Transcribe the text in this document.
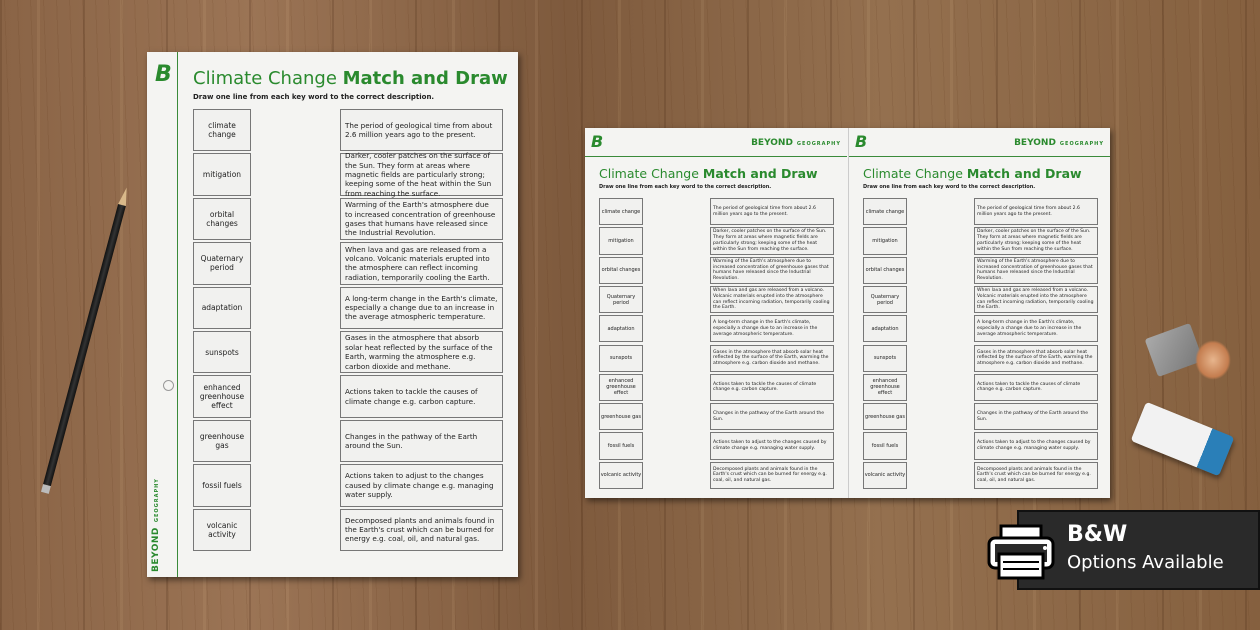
B
BEYONDGEOGRAPHY
Climate Change Match and Draw
Draw one line from each key word to the correct description.
climate change
The period of geological time from about 2.6 million years ago to the present.
mitigation
Darker, cooler patches on the surface of the Sun. They form at areas where magnetic fields are particularly strong; keeping some of the heat within the Sun from reaching the surface.
orbital changes
Warming of the Earth's atmosphere due to increased concentration of greenhouse gases that humans have released since the Industrial Revolution.
Quaternary period
When lava and gas are released from a volcano. Volcanic materials erupted into the atmosphere can reflect incoming radiation, temporarily cooling the Earth.
adaptation
A long-term change in the Earth's climate, especially a change due to an increase in the average atmospheric temperature.
sunspots
Gases in the atmosphere that absorb solar heat reflected by the surface of the Earth, warming the atmosphere e.g. carbon dioxide and methane.
enhanced greenhouse effect
Actions taken to tackle the causes of climate change e.g. carbon capture.
greenhouse gas
Changes in the pathway of the Earth around the Sun.
fossil fuels
Actions taken to adjust to the changes caused by climate change e.g. managing water supply.
volcanic activity
Decomposed plants and animals found in the Earth's crust which can be burned for energy e.g. coal, oil, and natural gas.
B	BEYOND GEOGRAPHY
Climate Change Match and Draw
Draw one line from each key word to the correct description.
climate change
The period of geological time from about 2.6 million years ago to the present.
mitigation
Darker, cooler patches on the surface of the Sun. They form at areas where magnetic fields are particularly strong; keeping some of the heat within the Sun from reaching the surface.
orbital changes
Warming of the Earth's atmosphere due to increased concentration of greenhouse gases that humans have released since the Industrial Revolution.
Quaternary period
When lava and gas are released from a volcano. Volcanic materials erupted into the atmosphere can reflect incoming radiation, temporarily cooling the Earth.
adaptation
A long-term change in the Earth's climate, especially a change due to an increase in the average atmospheric temperature.
sunspots
Gases in the atmosphere that absorb solar heat reflected by the surface of the Earth, warming the atmosphere e.g. carbon dioxide and methane.
enhanced greenhouse effect
Actions taken to tackle the causes of climate change e.g. carbon capture.
greenhouse gas
Changes in the pathway of the Earth around the Sun.
fossil fuels
Actions taken to adjust to the changes caused by climate change e.g. managing water supply.
volcanic activity
Decomposed plants and animals found in the Earth's crust which can be burned for energy e.g. coal, oil, and natural gas.
B	BEYOND GEOGRAPHY
Climate Change Match and Draw
Draw one line from each key word to the correct description.
climate change
The period of geological time from about 2.6 million years ago to the present.
mitigation
Darker, cooler patches on the surface of the Sun. They form at areas where magnetic fields are particularly strong; keeping some of the heat within the Sun from reaching the surface.
orbital changes
Warming of the Earth's atmosphere due to increased concentration of greenhouse gases that humans have released since the Industrial Revolution.
Quaternary period
When lava and gas are released from a volcano. Volcanic materials erupted into the atmosphere can reflect incoming radiation, temporarily cooling the Earth.
adaptation
A long-term change in the Earth's climate, especially a change due to an increase in the average atmospheric temperature.
sunspots
Gases in the atmosphere that absorb solar heat reflected by the surface of the Earth, warming the atmosphere e.g. carbon dioxide and methane.
enhanced greenhouse effect
Actions taken to tackle the causes of climate change e.g. carbon capture.
greenhouse gas
Changes in the pathway of the Earth around the Sun.
fossil fuels
Actions taken to adjust to the changes caused by climate change e.g. managing water supply.
volcanic activity
Decomposed plants and animals found in the Earth's crust which can be burned for energy e.g. coal, oil, and natural gas.
B&W
Options Available
